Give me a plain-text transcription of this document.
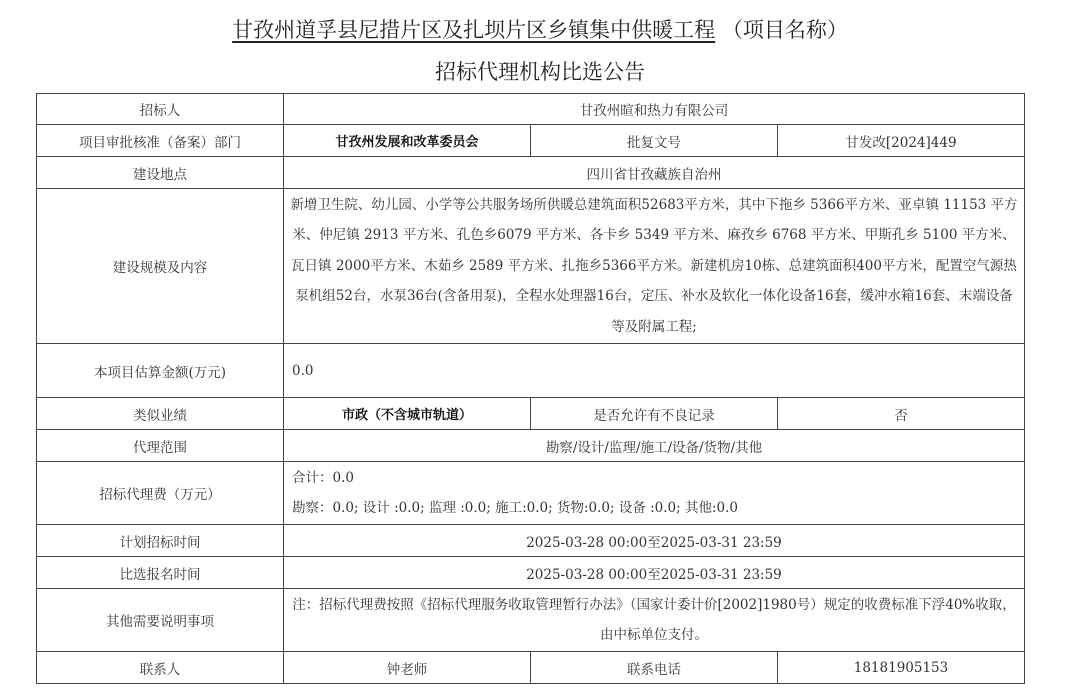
甘孜州道孚县尼措片区及扎坝片区乡镇集中供暖工程 （项目名称）
招标代理机构比选公告
招标人	甘孜州暄和热力有限公司		
项目审批核准（备案）部门	甘孜州发展和改革委员会	批复文号	甘发改[2024]449
建设地点	四川省甘孜藏族自治州		
建设规模及内容	新增卫生院、幼儿园、小学等公共服务场所供暖总建筑面积52683平方米，其中下拖乡 5366平方米、亚卓镇 11153 平方米、仲尼镇 2913 平方米、孔色乡6079 平方米、各卡乡 5349 平方米、麻孜乡 6768 平方米、甲斯孔乡 5100 平方米、瓦日镇 2000平方米、木茹乡 2589 平方米、扎拖乡5366平方米。新建机房10栋、总建筑面积400平方米，配置空气源热泵机组52台，水泵36台(含备用泵)，全程水处理器16台，定压、补水及软化一体化设备16套，缓冲水箱16套、末端设备等及附属工程;		
本项目估算金额(万元)	0.0		
类似业绩	市政（不含城市轨道）	是否允许有不良记录	否
代理范围	勘察/设计/监理/施工/设备/货物/其他		
招标代理费（万元）	合计：0.0
勘察：0.0; 设计 :0.0; 监理 :0.0; 施工:0.0; 货物:0.0; 设备 :0.0; 其他:0.0		

计划招标时间	2025-03-28 00:00至2025-03-31 23:59		
比选报名时间	2025-03-28 00:00至2025-03-31 23:59		
其他需要说明事项	注：招标代理费按照《招标代理服务收取管理暂行办法》（国家计委计价[2002]1980号）规定的收费标准下浮40%收取，由中标单位支付。		
联系人	钟老师	联系电话	18181905153
